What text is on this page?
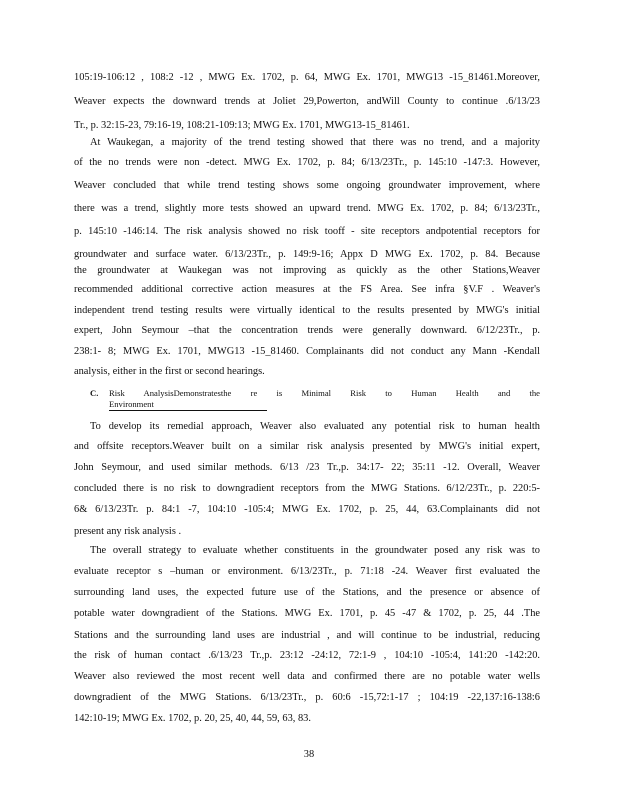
105:19-106:12 , 108:2 -12 , MWG Ex. 1702, p. 64, MWG Ex. 1701, MWG13 -15_81461.Moreover,
Weaver expects the downward trends at Joliet 29,Powerton, andWill County to continue .6/13/23
Tr., p. 32:15-23, 79:16-19, 108:21-109:13; MWG Ex. 1701, MWG13-15_81461.
At Waukegan, a majority of the trend testing showed that there was no trend, and a majority
of the no trends were non -detect. MWG Ex. 1702, p. 84; 6/13/23Tr., p. 145:10 -147:3. However,
Weaver concluded that while trend testing shows some ongoing groundwater improvement, where
there was a trend, slightly more tests showed an upward trend. MWG Ex. 1702, p. 84; 6/13/23Tr.,
p. 145:10 -146:14. The risk analysis showed no risk tooff - site receptors andpotential receptors for
groundwater and surface water. 6/13/23Tr., p. 149:9-16; Appx D MWG Ex. 1702, p. 84. Because
the groundwater at Waukegan was not improving as quickly as the other Stations,Weaver
recommended additional corrective action measures at the FS Area. See infra §V.F . Weaver's
independent trend testing results were virtually identical to the results presented by MWG's initial
expert, John Seymour –that the concentration trends were generally downward. 6/12/23Tr., p.
238:1- 8; MWG Ex. 1701, MWG13 -15_81460. Complainants did not conduct any Mann -Kendall
analysis, either in the first or second hearings.
C. Risk AnalysisDemonstratesthe re is Minimal Risk to Human Health and the
Environment
To develop its remedial approach, Weaver also evaluated any potential risk to human health
and offsite receptors.Weaver built on a similar risk analysis presented by MWG's initial expert,
John Seymour, and used similar methods. 6/13 /23 Tr.,p. 34:17- 22; 35:11 -12. Overall, Weaver
concluded there is no risk to downgradient receptors from the MWG Stations. 6/12/23Tr., p. 220:5-
6& 6/13/23Tr. p. 84:1 -7, 104:10 -105:4; MWG Ex. 1702, p. 25, 44, 63.Complainants did not
present any risk analysis .
The overall strategy to evaluate whether constituents in the groundwater posed any risk was to
evaluate receptor s –human or environment. 6/13/23Tr., p. 71:18 -24. Weaver first evaluated the
surrounding land uses, the expected future use of the Stations, and the presence or absence of
potable water downgradient of the Stations. MWG Ex. 1701, p. 45 -47 & 1702, p. 25, 44 .The
Stations and the surrounding land uses are industrial , and will continue to be industrial, reducing
the risk of human contact .6/13/23 Tr.,p. 23:12 -24:12, 72:1-9 , 104:10 -105:4, 141:20 -142:20.
Weaver also reviewed the most recent well data and confirmed there are no potable water wells
downgradient of the MWG Stations. 6/13/23Tr., p. 60:6 -15,72:1-17 ; 104:19 -22,137:16-138:6
142:10-19; MWG Ex. 1702, p. 20, 25, 40, 44, 59, 63, 83.
38
